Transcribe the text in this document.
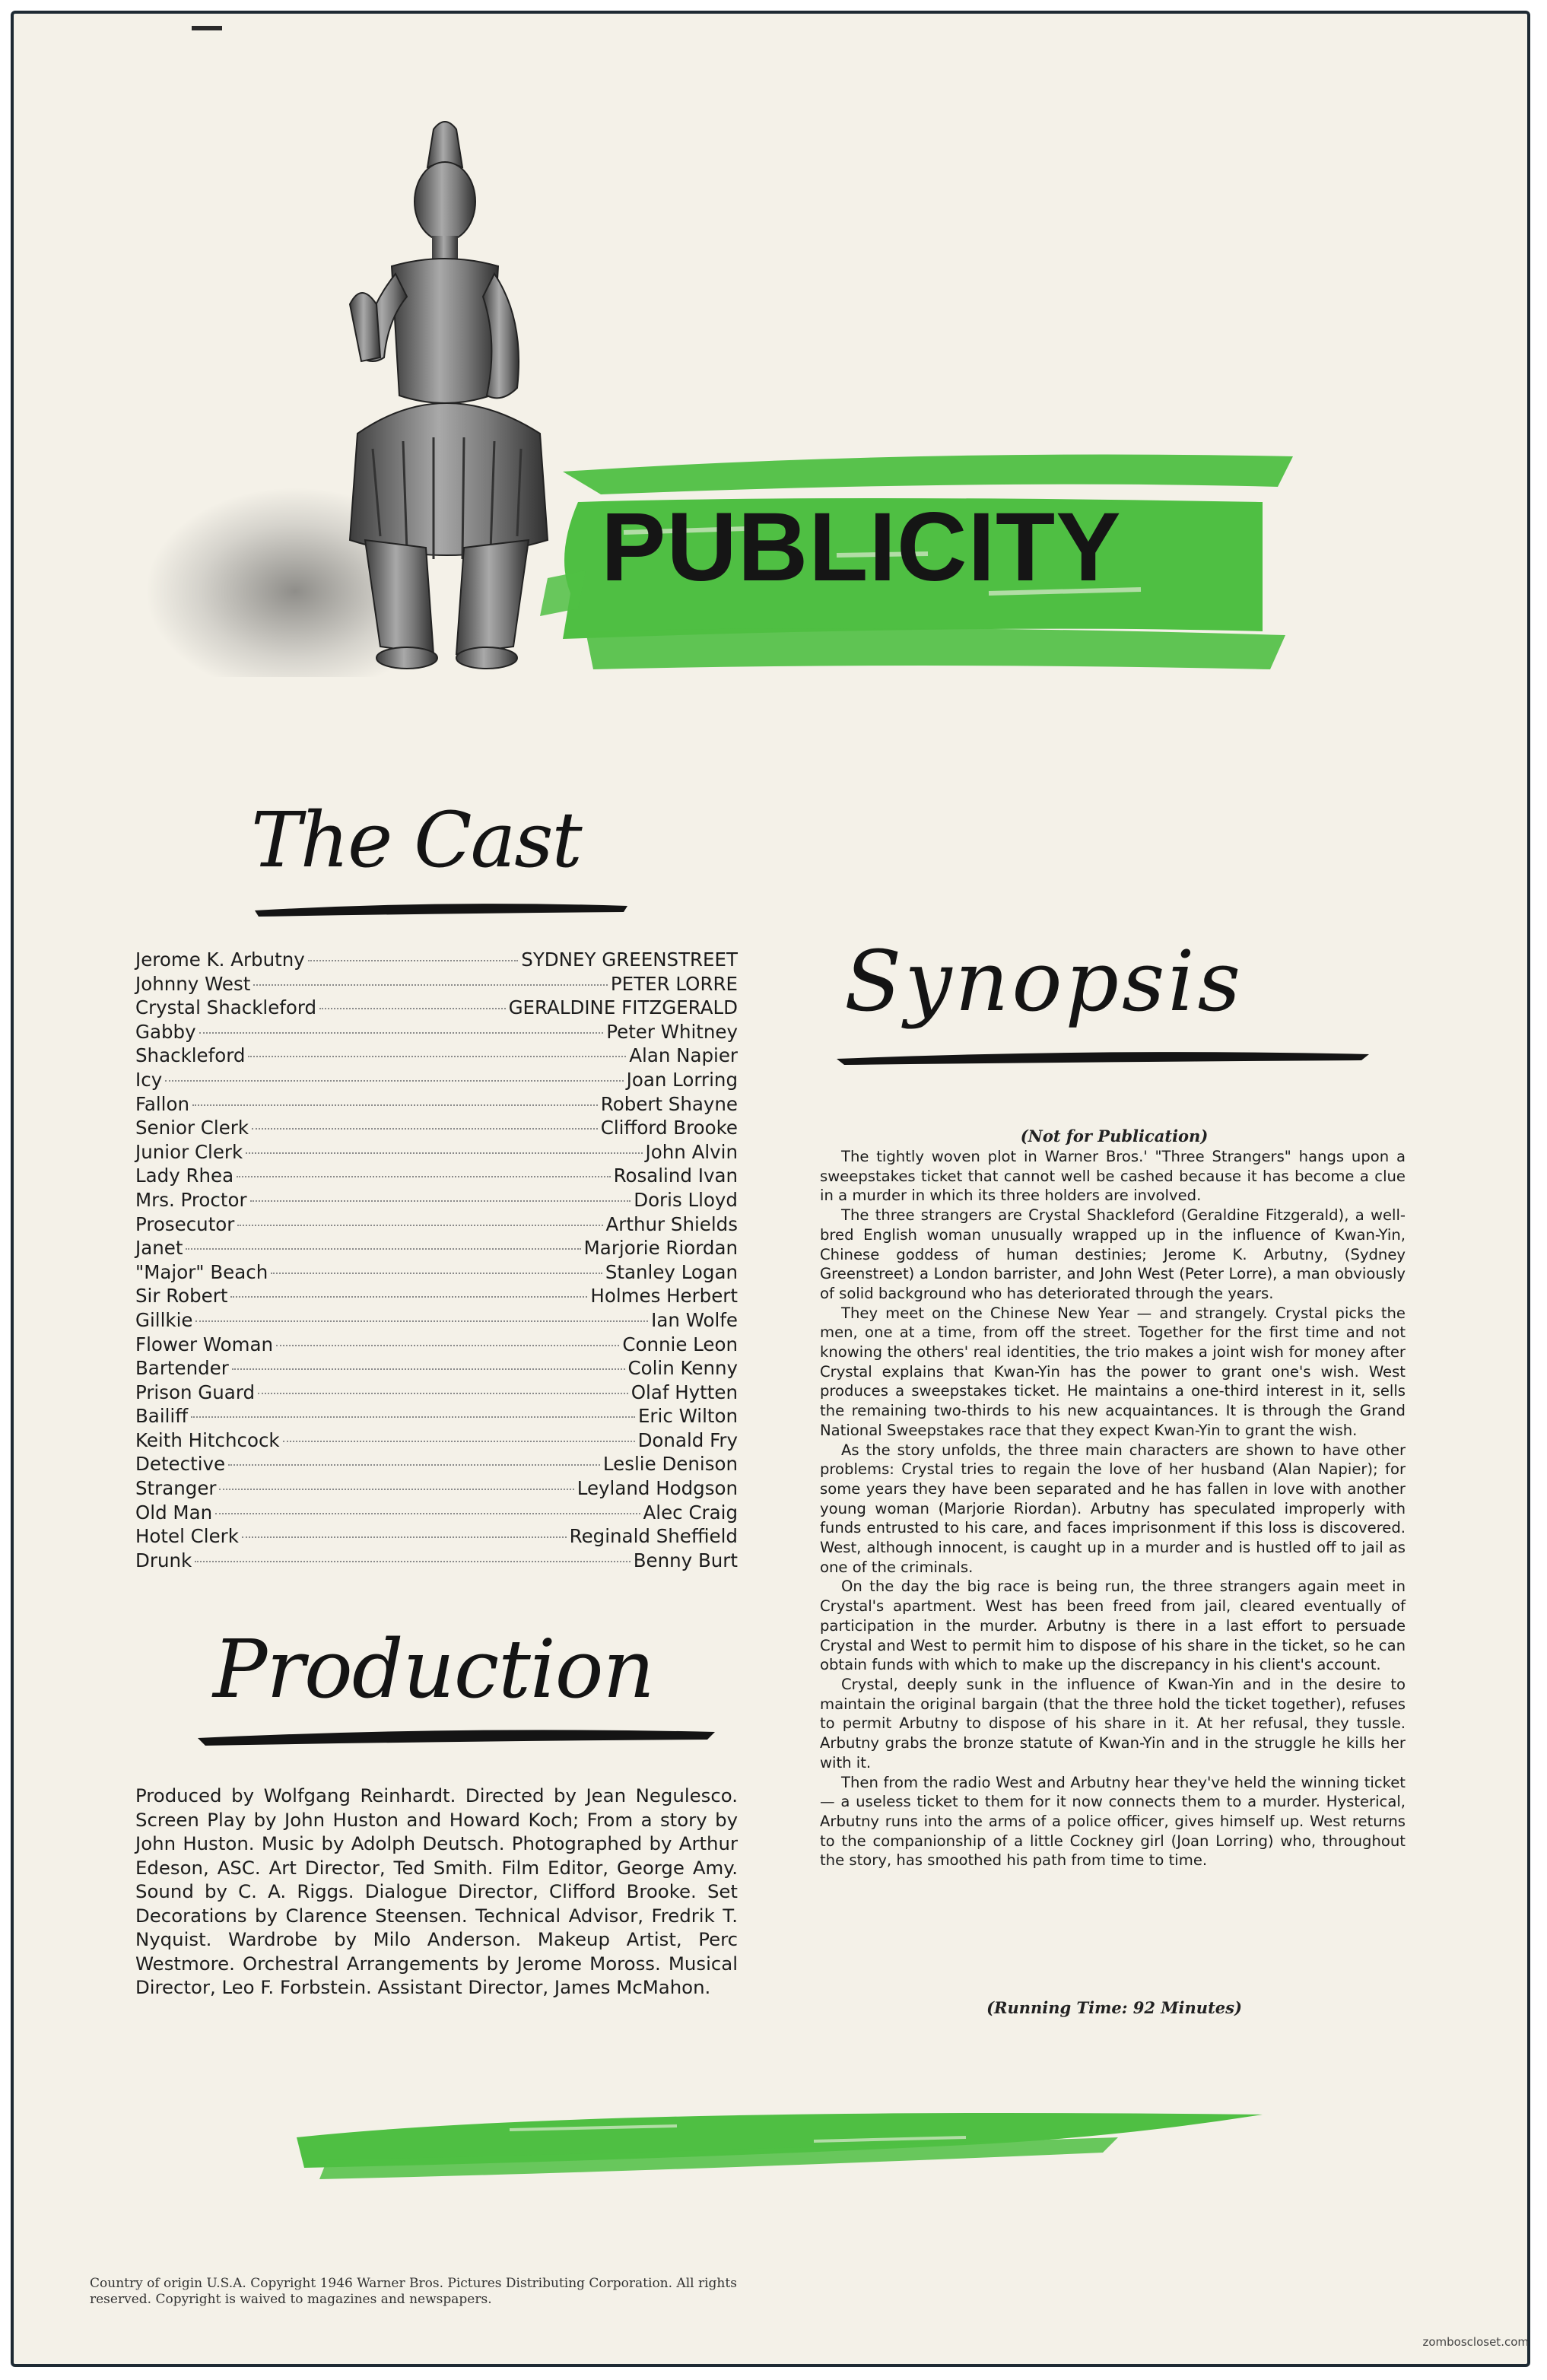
PUBLICITY
The Cast
Jerome K. Arbutny	SYDNEY GREENSTREET
Johnny West	PETER LORRE
Crystal Shackleford	GERALDINE FITZGERALD
Gabby	Peter Whitney
Shackleford	Alan Napier
Icy	Joan Lorring
Fallon	Robert Shayne
Senior Clerk	Clifford Brooke
Junior Clerk	John Alvin
Lady Rhea	Rosalind Ivan
Mrs. Proctor	Doris Lloyd
Prosecutor	Arthur Shields
Janet	Marjorie Riordan
"Major" Beach	Stanley Logan
Sir Robert	Holmes Herbert
Gillkie	Ian Wolfe
Flower Woman	Connie Leon
Bartender	Colin Kenny
Prison Guard	Olaf Hytten
Bailiff	Eric Wilton
Keith Hitchcock	Donald Fry
Detective	Leslie Denison
Stranger	Leyland Hodgson
Old Man	Alec Craig
Hotel Clerk	Reginald Sheffield
Drunk	Benny Burt
Production
Produced by Wolfgang Reinhardt. Directed by Jean Negulesco. Screen Play by John Huston and Howard Koch; From a story by John Huston. Music by Adolph Deutsch. Photographed by Arthur Edeson, ASC. Art Director, Ted Smith. Film Editor, George Amy. Sound by C. A. Riggs. Dialogue Director, Clifford Brooke. Set Decorations by Clarence Steensen. Technical Advisor, Fredrik T. Nyquist. Wardrobe by Milo Anderson. Makeup Artist, Perc Westmore. Orchestral Arrangements by Jerome Moross. Musical Director, Leo F. Forbstein. Assistant Director, James McMahon.
Synopsis
(Not for Publication)

The tightly woven plot in Warner Bros.' "Three Strangers" hangs upon a sweepstakes ticket that cannot well be cashed because it has become a clue in a murder in which its three holders are involved.

The three strangers are Crystal Shackleford (Geraldine Fitzgerald), a well-bred English woman unusually wrapped up in the influence of Kwan-Yin, Chinese goddess of human destinies; Jerome K. Arbutny, (Sydney Greenstreet) a London barrister, and John West (Peter Lorre), a man obviously of solid background who has deteriorated through the years.

They meet on the Chinese New Year — and strangely. Crystal picks the men, one at a time, from off the street. Together for the first time and not knowing the others' real identities, the trio makes a joint wish for money after Crystal explains that Kwan-Yin has the power to grant one's wish. West produces a sweepstakes ticket. He maintains a one-third interest in it, sells the remaining two-thirds to his new acquaintances. It is through the Grand National Sweepstakes race that they expect Kwan-Yin to grant the wish.

As the story unfolds, the three main characters are shown to have other problems: Crystal tries to regain the love of her husband (Alan Napier); for some years they have been separated and he has fallen in love with another young woman (Marjorie Riordan). Arbutny has speculated improperly with funds entrusted to his care, and faces imprisonment if this loss is discovered. West, although innocent, is caught up in a murder and is hustled off to jail as one of the criminals.

On the day the big race is being run, the three strangers again meet in Crystal's apartment. West has been freed from jail, cleared eventually of participation in the murder. Arbutny is there in a last effort to persuade Crystal and West to permit him to dispose of his share in the ticket, so he can obtain funds with which to make up the discrepancy in his client's account.

Crystal, deeply sunk in the influence of Kwan-Yin and in the desire to maintain the original bargain (that the three hold the ticket together), refuses to permit Arbutny to dispose of his share in it. At her refusal, they tussle. Arbutny grabs the bronze statute of Kwan-Yin and in the struggle he kills her with it.

Then from the radio West and Arbutny hear they've held the winning ticket — a useless ticket to them for it now connects them to a murder. Hysterical, Arbutny runs into the arms of a police officer, gives himself up. West returns to the companionship of a little Cockney girl (Joan Lorring) who, throughout the story, has smoothed his path from time to time.

(Running Time: 92 Minutes)
Country of origin U.S.A. Copyright 1946 Warner Bros. Pictures Distributing Corporation. All rights reserved. Copyright is waived to magazines and newspapers.
zomboscloset.com
